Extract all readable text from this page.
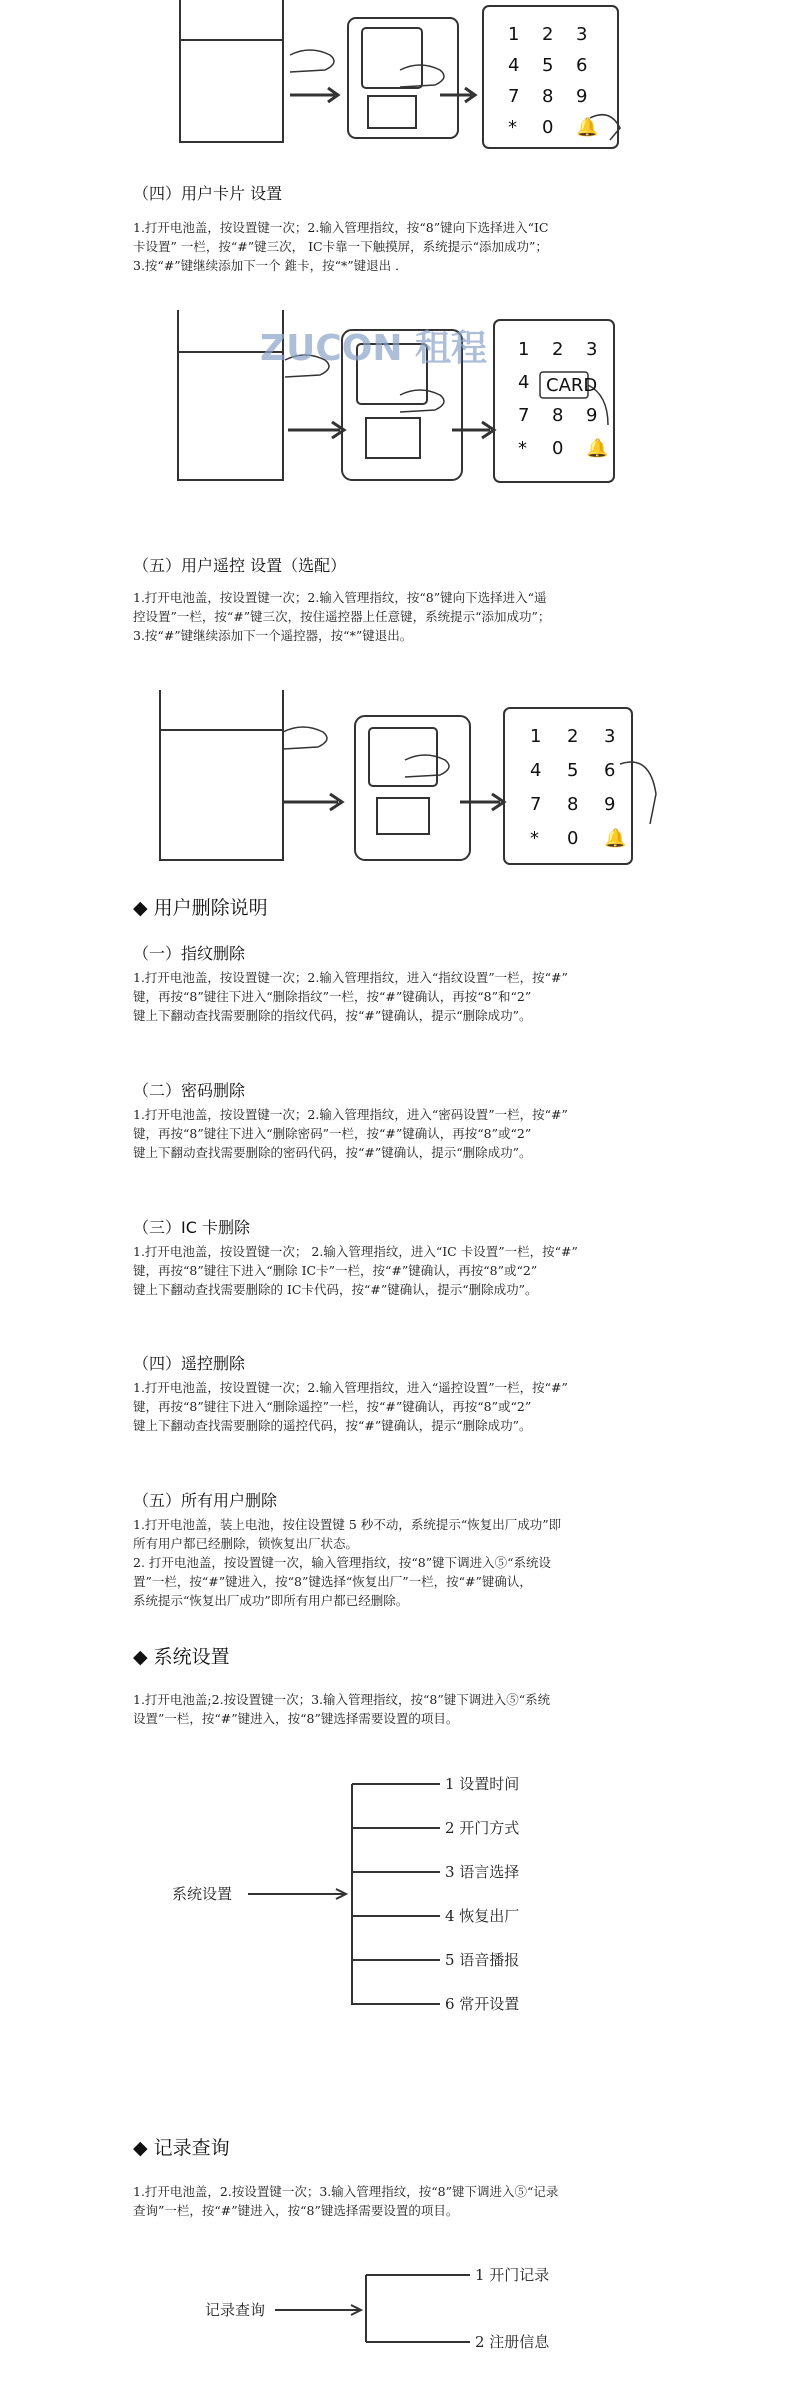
1 2 3
4 5 6
7 8 9
* 0 🔔
（四）用户卡片 设置
1.打开电池盖，按设置键一次；2.输入管理指纹，按“8”键向下选择进入“IC
卡设置” 一栏，按“#”键三次， IC卡靠一下触摸屏，系统提示“添加成功”；
3.按“#”键继续添加下一个 錐卡，按“*”键退出 ．
CARD
ZUCON 租程 1 2 3
4
7 8 9
* 0 🔔
（五）用户遥控 设置（选配）
1.打开电池盖，按设置键一次；2.输入管理指纹，按“8”键向下选择进入“遥
控设置”一栏，按“#”键三次，按住遥控器上任意键，系统提示“添加成功”；
3.按“#”键继续添加下一个遥控器，按“*”键退出。
1 2 3
4 5 6
7 8 9
* 0 🔔
◆ 用户删除说明
（一）指纹删除
1.打开电池盖，按设置键一次；2.输入管理指纹，进入“指纹设置”一栏，按“#”
键，再按“8”键往下进入“删除指纹”一栏，按“#”键确认，再按“8”和“2”
键上下翻动查找需要删除的指纹代码，按“#”键确认，提示“删除成功”。
（二）密码删除
1.打开电池盖，按设置键一次；2.输入管理指纹，进入“密码设置”一栏，按“#”
键，再按“8”键往下进入“删除密码”一栏，按“#”键确认，再按“8”或“2”
键上下翻动查找需要删除的密码代码，按“#”键确认，提示“删除成功”。
（三）IC 卡删除
1.打开电池盖，按设置键一次； 2.输入管理指纹，进入“IC 卡设置”一栏，按“#”
键，再按“8”键往下进入“删除 IC卡”一栏，按“#”键确认，再按“8”或“2”
键上下翻动查找需要删除的 IC卡代码，按“#”键确认，提示“删除成功”。
（四）遥控删除
1.打开电池盖，按设置键一次；2.输入管理指纹，进入“遥控设置”一栏，按“#”
键，再按“8”键往下进入“删除遥控”一栏，按“#”键确认，再按“8”或“2”
键上下翻动查找需要删除的遥控代码，按“#”键确认，提示“删除成功”。
（五）所有用户删除
1.打开电池盖，装上电池，按住设置键 5 秒不动，系统提示“恢复出厂成功”即
所有用户都已经删除，锁恢复出厂状态。
2. 打开电池盖，按设置键一次，输入管理指纹，按“8”键下调进入⑤“系统设
置”一栏，按“#”键进入，按“8”键选择“恢复出厂”一栏，按“#”键确认，
系统提示“恢复出厂成功”即所有用户都已经删除。
◆ 系统设置
1.打开电池盖;2.按设置键一次；3.输入管理指纹，按“8”键下调进入⑤“系统
设置”一栏，按“#”键进入，按“8”键选择需要设置的项目。
系统设置
1 设置时间
2 开门方式
3 语言选择
4 恢复出厂
5 语音播报
6 常开设置
◆ 记录查询
1.打开电池盖，2.按设置键一次；3.输入管理指纹，按“8”键下调进入⑤“记录
查询”一栏，按“#”键进入，按“8”键选择需要设置的项目。
记录查询
1 开门记录
2 注册信息
